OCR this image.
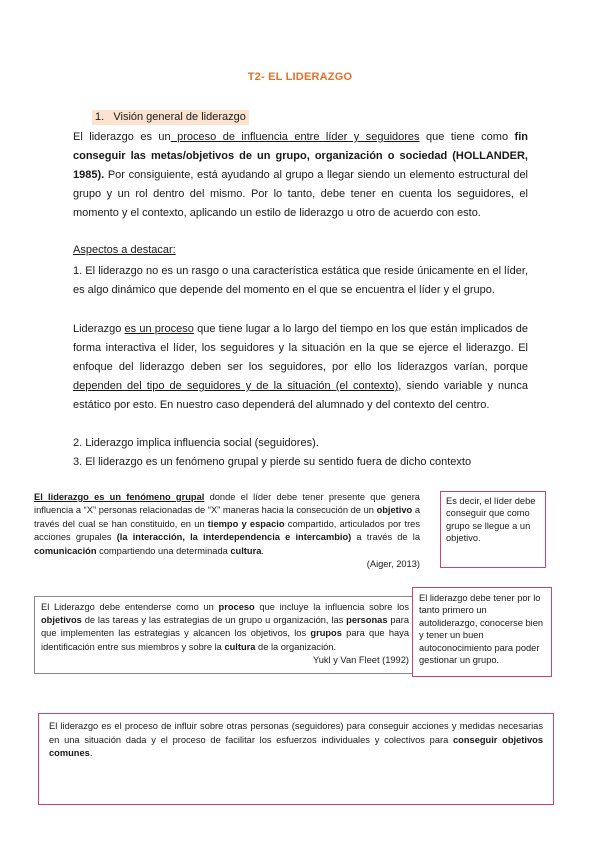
T2- EL LIDERAZGO
1. Visión general de liderazgo
El liderazgo es un proceso de influencia entre líder y seguidores que tiene como fin conseguir las metas/objetivos de un grupo, organización o sociedad (HOLLANDER, 1985). Por consiguiente, está ayudando al grupo a llegar siendo un elemento estructural del grupo y un rol dentro del mismo. Por lo tanto, debe tener en cuenta los seguidores, el momento y el contexto, aplicando un estilo de liderazgo u otro de acuerdo con esto.
Aspectos a destacar:
1. El liderazgo no es un rasgo o una característica estática que reside únicamente en el líder, es algo dinámico que depende del momento en el que se encuentra el líder y el grupo.
Liderazgo es un proceso que tiene lugar a lo largo del tiempo en los que están implicados de forma interactiva el líder, los seguidores y la situación en la que se ejerce el liderazgo. El enfoque del liderazgo deben ser los seguidores, por ello los liderazgos varían, porque dependen del tipo de seguidores y de la situación (el contexto), siendo variable y nunca estático por esto. En nuestro caso dependerá del alumnado y del contexto del centro.
2. Liderazgo implica influencia social (seguidores).
3. El liderazgo es un fenómeno grupal y pierde su sentido fuera de dicho contexto
El liderazgo es un fenómeno grupal donde el líder debe tener presente que genera influencia a “X” personas relacionadas de “X” maneras hacia la consecución de un objetivo a través del cual se han constituido, en un tiempo y espacio compartido, articulados por tres acciones grupales (la interacción, la interdependencia e intercambio) a través de la comunicación compartiendo una determinada cultura.
(Aiger, 2013)
Es decir, el líder debe conseguir que como grupo se llegue a un objetivo.
El Liderazgo debe entenderse como un proceso que incluye la influencia sobre los objetivos de las tareas y las estrategias de un grupo u organización, las personas para que implementen las estrategias y alcancen los objetivos, los grupos para que haya identificación entre sus miembros y sobre la cultura de la organización.
Yukl y Van Fleet (1992)
El liderazgo debe tener por lo tanto primero un autoliderazgo, conocerse bien y tener un buen autoconocimiento para poder gestionar un grupo.
El liderazgo es el proceso de influir sobre otras personas (seguidores) para conseguir acciones y medidas necesarias en una situación dada y el proceso de facilitar los esfuerzos individuales y colectivos para conseguir objetivos comunes.
